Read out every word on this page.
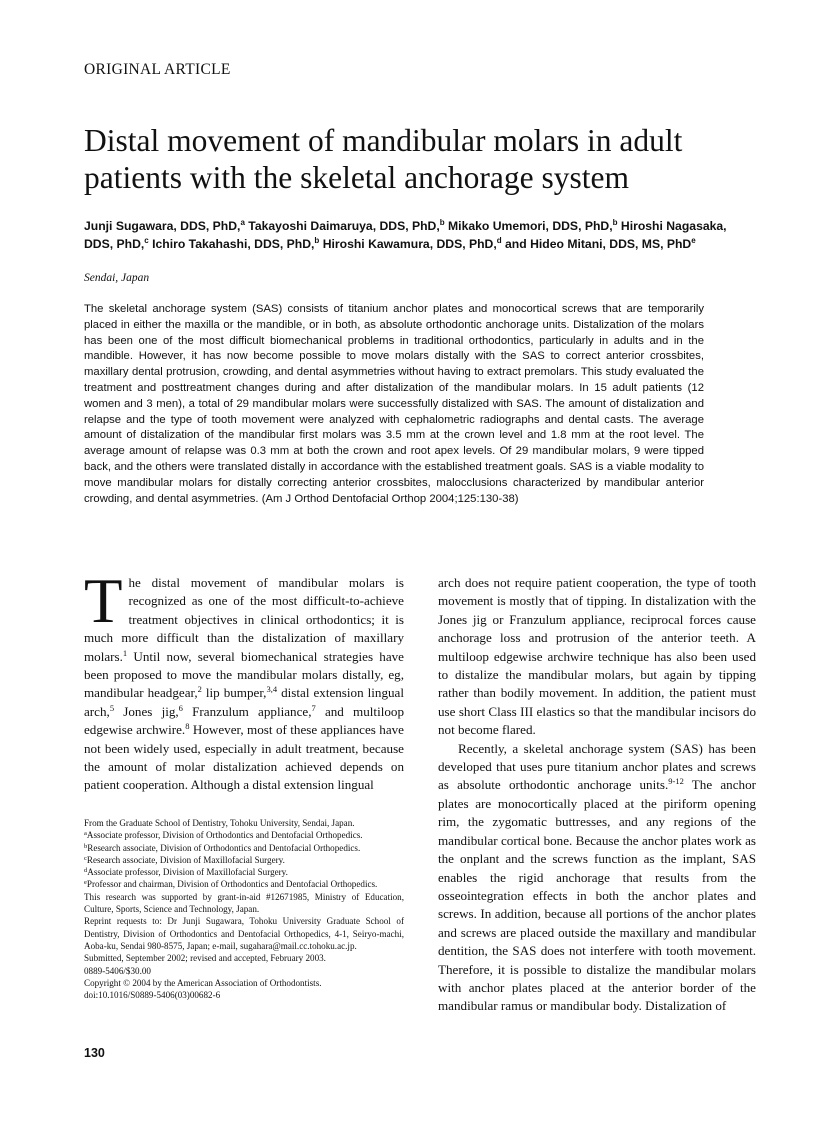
ORIGINAL ARTICLE
Distal movement of mandibular molars in adult patients with the skeletal anchorage system
Junji Sugawara, DDS, PhD,$^a$ Takayoshi Daimaruya, DDS, PhD,$^b$ Mikako Umemori, DDS, PhD,$^b$ Hiroshi Nagasaka, DDS, PhD,$^c$ Ichiro Takahashi, DDS, PhD,$^b$ Hiroshi Kawamura, DDS, PhD,$^d$ and Hideo Mitani, DDS, MS, PhD$^e$
Sendai, Japan
The skeletal anchorage system (SAS) consists of titanium anchor plates and monocortical screws that are temporarily placed in either the maxilla or the mandible, or in both, as absolute orthodontic anchorage units. Distalization of the molars has been one of the most difficult biomechanical problems in traditional orthodontics, particularly in adults and in the mandible. However, it has now become possible to move molars distally with the SAS to correct anterior crossbites, maxillary dental protrusion, crowding, and dental asymmetries without having to extract premolars. This study evaluated the treatment and posttreatment changes during and after distalization of the mandibular molars. In 15 adult patients (12 women and 3 men), a total of 29 mandibular molars were successfully distalized with SAS. The amount of distalization and relapse and the type of tooth movement were analyzed with cephalometric radiographs and dental casts. The average amount of distalization of the mandibular first molars was 3.5 mm at the crown level and 1.8 mm at the root level. The average amount of relapse was 0.3 mm at both the crown and root apex levels. Of 29 mandibular molars, 9 were tipped back, and the others were translated distally in accordance with the established treatment goals. SAS is a viable modality to move mandibular molars for distally correcting anterior crossbites, malocclusions characterized by mandibular anterior crowding, and dental asymmetries. (Am J Orthod Dentofacial Orthop 2004;125:130-38)

T he distal movement of mandibular molars is recognized as one of the most difficult-to-achieve treatment objectives in clinical orthodontics; it is much more difficult than the distalization of maxillary molars.$^1$ Until now, several biomechanical strategies have been proposed to move the mandibular molars distally, eg, mandibular headgear,$^2$ lip bumper,$^{3,4}$ distal extension lingual arch,$^5$ Jones jig,$^6$ Franzulum appliance,$^7$ and multiloop edgewise archwire.$^8$ However, most of these appliances have not been widely used, especially in adult treatment, because the amount of molar distalization achieved depends on patient cooperation. Although a distal extension lingual

arch does not require patient cooperation, the type of tooth movement is mostly that of tipping. In distalization with the Jones jig or Franzulum appliance, reciprocal forces cause anchorage loss and protrusion of the anterior teeth. A multiloop edgewise archwire technique has also been used to distalize the mandibular molars, but again by tipping rather than bodily movement. In addition, the patient must use short Class III elastics so that the mandibular incisors do not become flared.

Recently, a skeletal anchorage system (SAS) has been developed that uses pure titanium anchor plates and screws as absolute orthodontic anchorage units.$^{9-12}$ The anchor plates are monocortically placed at the piriform opening rim, the zygomatic buttresses, and any regions of the mandibular cortical bone. Because the anchor plates work as the onplant and the screws function as the implant, SAS enables the rigid anchorage that results from the osseointegration effects in both the anchor plates and screws. In addition, because all portions of the anchor plates and screws are placed outside the maxillary and mandibular dentition, the SAS does not interfere with tooth movement. Therefore, it is possible to distalize the mandibular molars with anchor plates placed at the anterior border of the mandibular ramus or mandibular body. Distalization of

From the Graduate School of Dentistry, Tohoku University, Sendai, Japan.
$^a$Associate professor, Division of Orthodontics and Dentofacial Orthopedics.
$^b$Research associate, Division of Orthodontics and Dentofacial Orthopedics.
$^c$Research associate, Division of Maxillofacial Surgery.
$^d$Associate professor, Division of Maxillofacial Surgery.
$^e$Professor and chairman, Division of Orthodontics and Dentofacial Orthopedics.
This research was supported by grant-in-aid #12671985, Ministry of Education, Culture, Sports, Science and Technology, Japan.
Reprint requests to: Dr Junji Sugawara, Tohoku University Graduate School of Dentistry, Division of Orthodontics and Dentofacial Orthopedics, 4-1, Seiryo-machi, Aoba-ku, Sendai 980-8575, Japan; e-mail, sugahara@mail.cc.tohoku.ac.jp.
Submitted, September 2002; revised and accepted, February 2003.
0889-5406/$30.00
Copyright © 2004 by the American Association of Orthodontists.
doi:10.1016/S0889-5406(03)00682-6
130
